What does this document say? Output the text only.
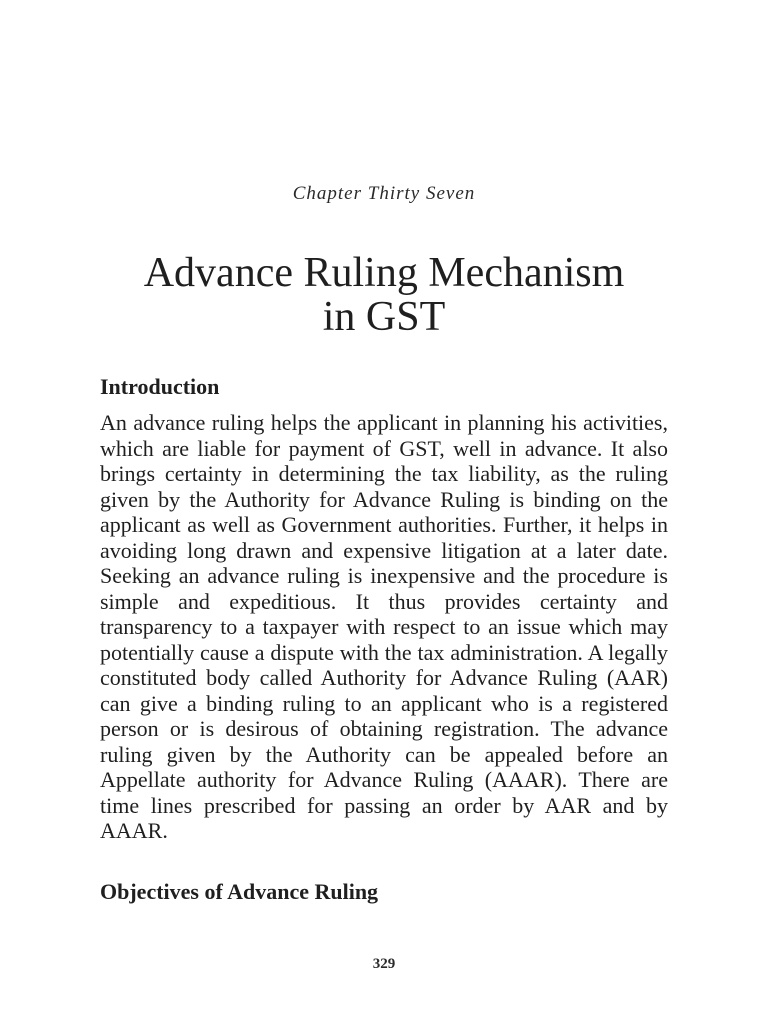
Chapter Thirty Seven
Advance Ruling Mechanism
in GST
Introduction

An advance ruling helps the applicant in planning his activities, which are liable for payment of GST, well in advance. It also brings certainty in determining the tax liability, as the ruling given by the Authority for Advance Ruling is binding on the applicant as well as Government authorities. Further, it helps in avoiding long drawn and expensive litigation at a later date. Seeking an advance ruling is inexpensive and the procedure is simple and expeditious. It thus provides certainty and transparency to a taxpayer with respect to an issue which may potentially cause a dispute with the tax administration. A legally constituted body called Authority for Advance Ruling (AAR) can give a binding ruling to an applicant who is a registered person or is desirous of obtaining registration. The advance ruling given by the Authority can be appealed before an Appellate authority for Advance Ruling (AAAR). There are time lines prescribed for passing an order by AAR and by AAAR.

Objectives of Advance Ruling
329
